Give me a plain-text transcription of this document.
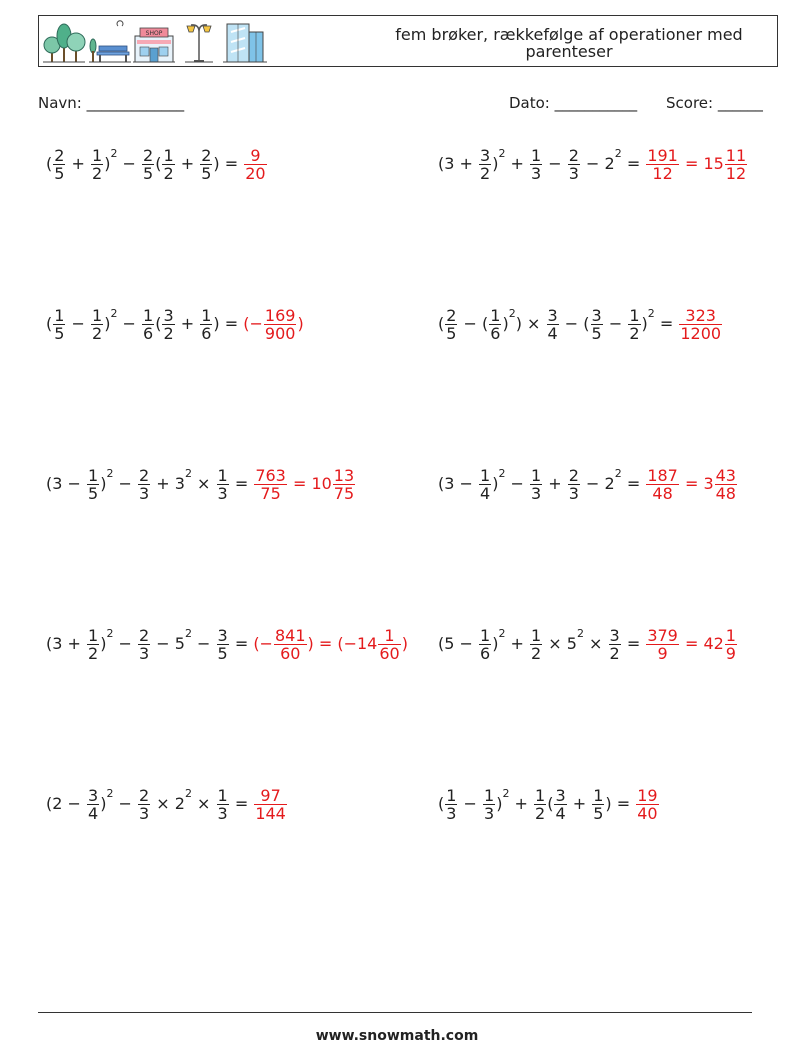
SHOP	fem brøker, rækkefølge af operationer med parenteser
Navn: _____________	Dato: ___________ Score: ______
( $\frac{2}{5} + \frac{1}{2} )^2 - \frac{2}{5}$ ( $\frac{1}{2} + \frac{2}{5}$ ) = $\frac{9}{20}$	$(3 + \frac{3}{2} )^2 + \frac{1}{3} - \frac{2}{3} - 2^2 = \frac{191}{12} = 15 \frac{11}{12}$
( $\frac{1}{5} - \frac{1}{2} )^2 - \frac{1}{6}$ ( $\frac{3}{2} + \frac{1}{6}$ ) = (− $\frac{169}{900}$ )	( $\frac{2}{5}$ − ( $\frac{1}{6} )^2) \times \frac{3}{4}$ − ( $\frac{3}{5} - \frac{1}{2} )^2 = \frac{323}{1200}$
$(3 - \frac{1}{5} )^2 - \frac{2}{3} + 3^2 \times \frac{1}{3} = \frac{763}{75} = 10 \frac{13}{75}$	$(3 - \frac{1}{4} )^2 - \frac{1}{3} + \frac{2}{3} - 2^2 = \frac{187}{48} = 3 \frac{43}{48}$
$(3 + \frac{1}{2} )^2 - \frac{2}{3} - 5^2 - \frac{3}{5}$ = (− $\frac{841}{60}$ ) = ($-14 \frac{1}{60}$ ) $(5 - \frac{1}{6} )^2 + \frac{1}{2} \times 5^2 \times \frac{3}{2} = \frac{379}{9} = 42 \frac{1}{9}$
$(2 - \frac{3}{4} )^2 - \frac{2}{3} \times 2^2 \times \frac{1}{3} = \frac{97}{144}$	( $\frac{1}{3} - \frac{1}{3} )^2 + \frac{1}{2}$ ( $\frac{3}{4} + \frac{1}{5}$ ) = $\frac{19}{40}$
www.snowmath.com
